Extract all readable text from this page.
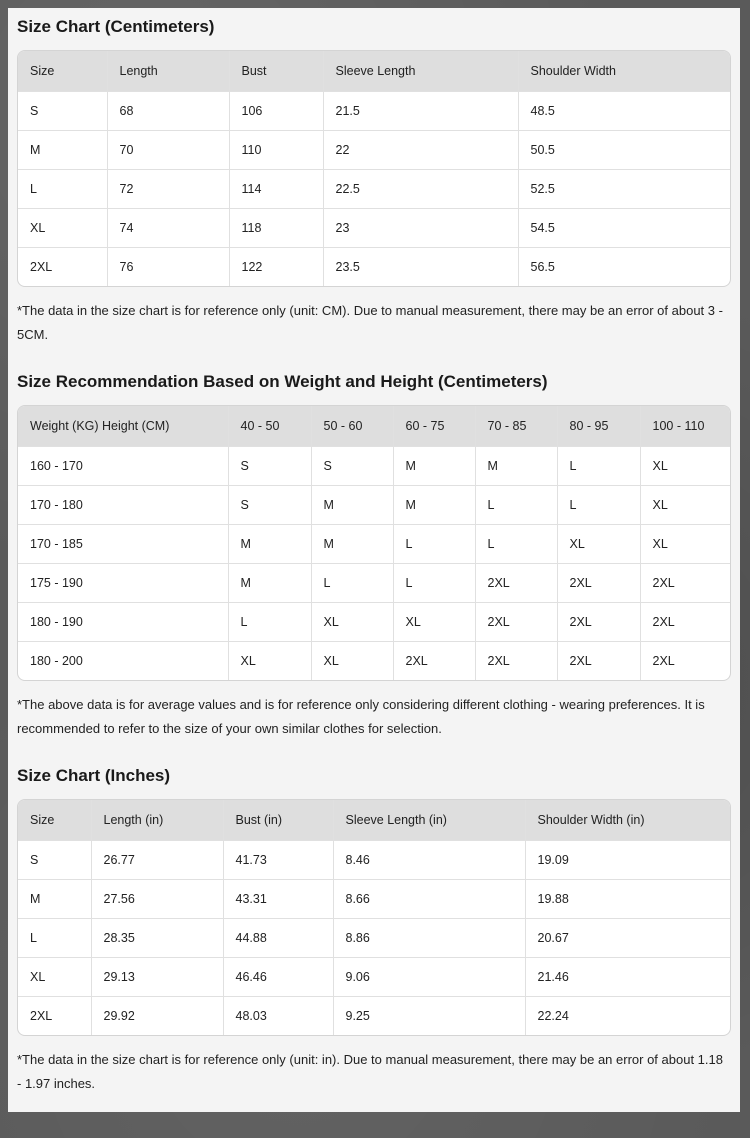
Size Chart (Centimeters)
Size	Length	Bust	Sleeve Length	Shoulder Width
S	68	106	21.5	48.5
M	70	110	22	50.5
L	72	114	22.5	52.5
XL	74	118	23	54.5
2XL	76	122	23.5	56.5

*The data in the size chart is for reference only (unit: CM). Due to manual measurement, there may be an error of about 3 - 5CM.

Size Recommendation Based on Weight and Height (Centimeters)
Weight (KG) Height (CM)	40 - 50	50 - 60	60 - 75	70 - 85	80 - 95	100 - 110
160 - 170	S	S	M	M	L	XL
170 - 180	S	M	M	L	L	XL
170 - 185	M	M	L	L	XL	XL
175 - 190	M	L	L	2XL	2XL	2XL
180 - 190	L	XL	XL	2XL	2XL	2XL
180 - 200	XL	XL	2XL	2XL	2XL	2XL

*The above data is for average values and is for reference only considering different clothing - wearing preferences. It is recommended to refer to the size of your own similar clothes for selection.

Size Chart (Inches)
Size	Length (in)	Bust (in)	Sleeve Length (in)	Shoulder Width (in)
S	26.77	41.73	8.46	19.09
M	27.56	43.31	8.66	19.88
L	28.35	44.88	8.86	20.67
XL	29.13	46.46	9.06	21.46
2XL	29.92	48.03	9.25	22.24

*The data in the size chart is for reference only (unit: in). Due to manual measurement, there may be an error of about 1.18 - 1.97 inches.
